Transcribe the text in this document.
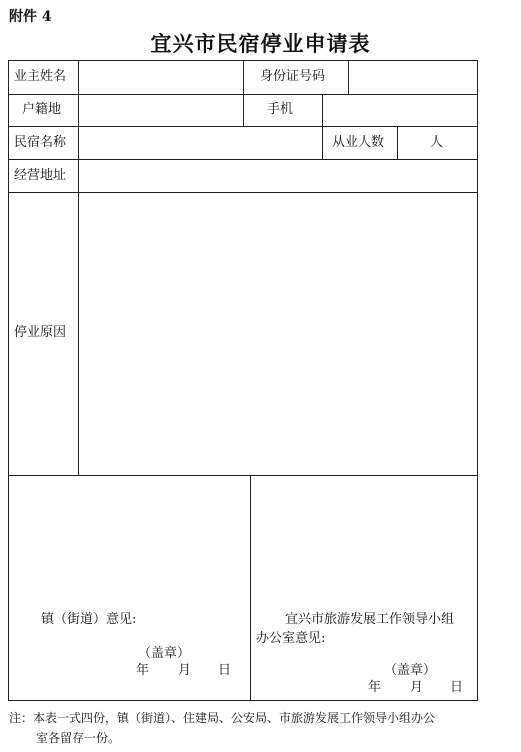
附件 4
宜兴市民宿停业申请表
业主姓名	身份证号码
户籍地	手机
民宿名称	从业人数	人
经营地址
停业原因
镇（街道）意见:
（盖章）
年 月 日
宜兴市旅游发展工作领导小组
办公室意见:
（盖章）
年 月 日
注：本表一式四份，镇（街道）、住建局、公安局、市旅游发展工作领导小组办公
室各留存一份。
